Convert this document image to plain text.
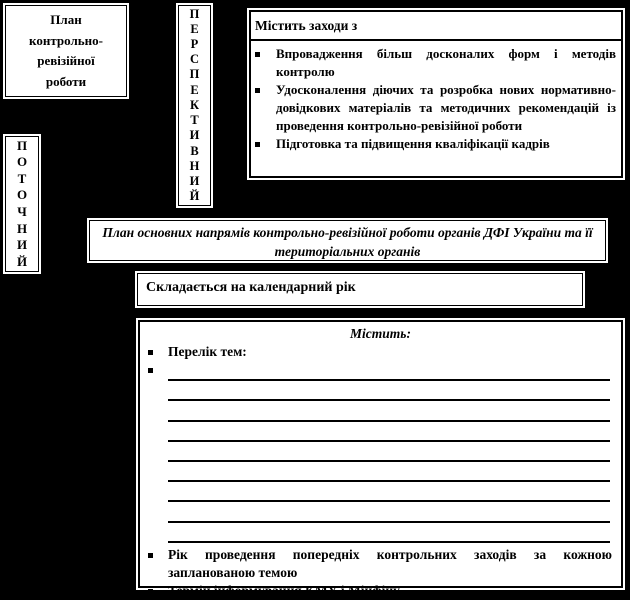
План
контрольно-
ревізійної
роботи
П
Е
Р
С
П
Е
К
Т
И
В
Н
И
Й
П
О
Т
О
Ч
Н
И
Й
Містить заходи з
Впровадження більш досконалих форм і методів контролю
Удосконалення діючих та розробка нових нормативно-довідкових матеріалів та методичних рекомендацій із проведення контрольно-ревізійної роботи
Підготовка та підвищення кваліфікації кадрів
План основних напрямів контрольно-ревізійної роботи органів ДФІ України та її територіальних органів
Складається на календарний рік
Містить:
Перелік тем:
Рік проведення попередніх контрольних заходів за кожною запланованою темою
Термін інформування КМУ і Мінфіну
